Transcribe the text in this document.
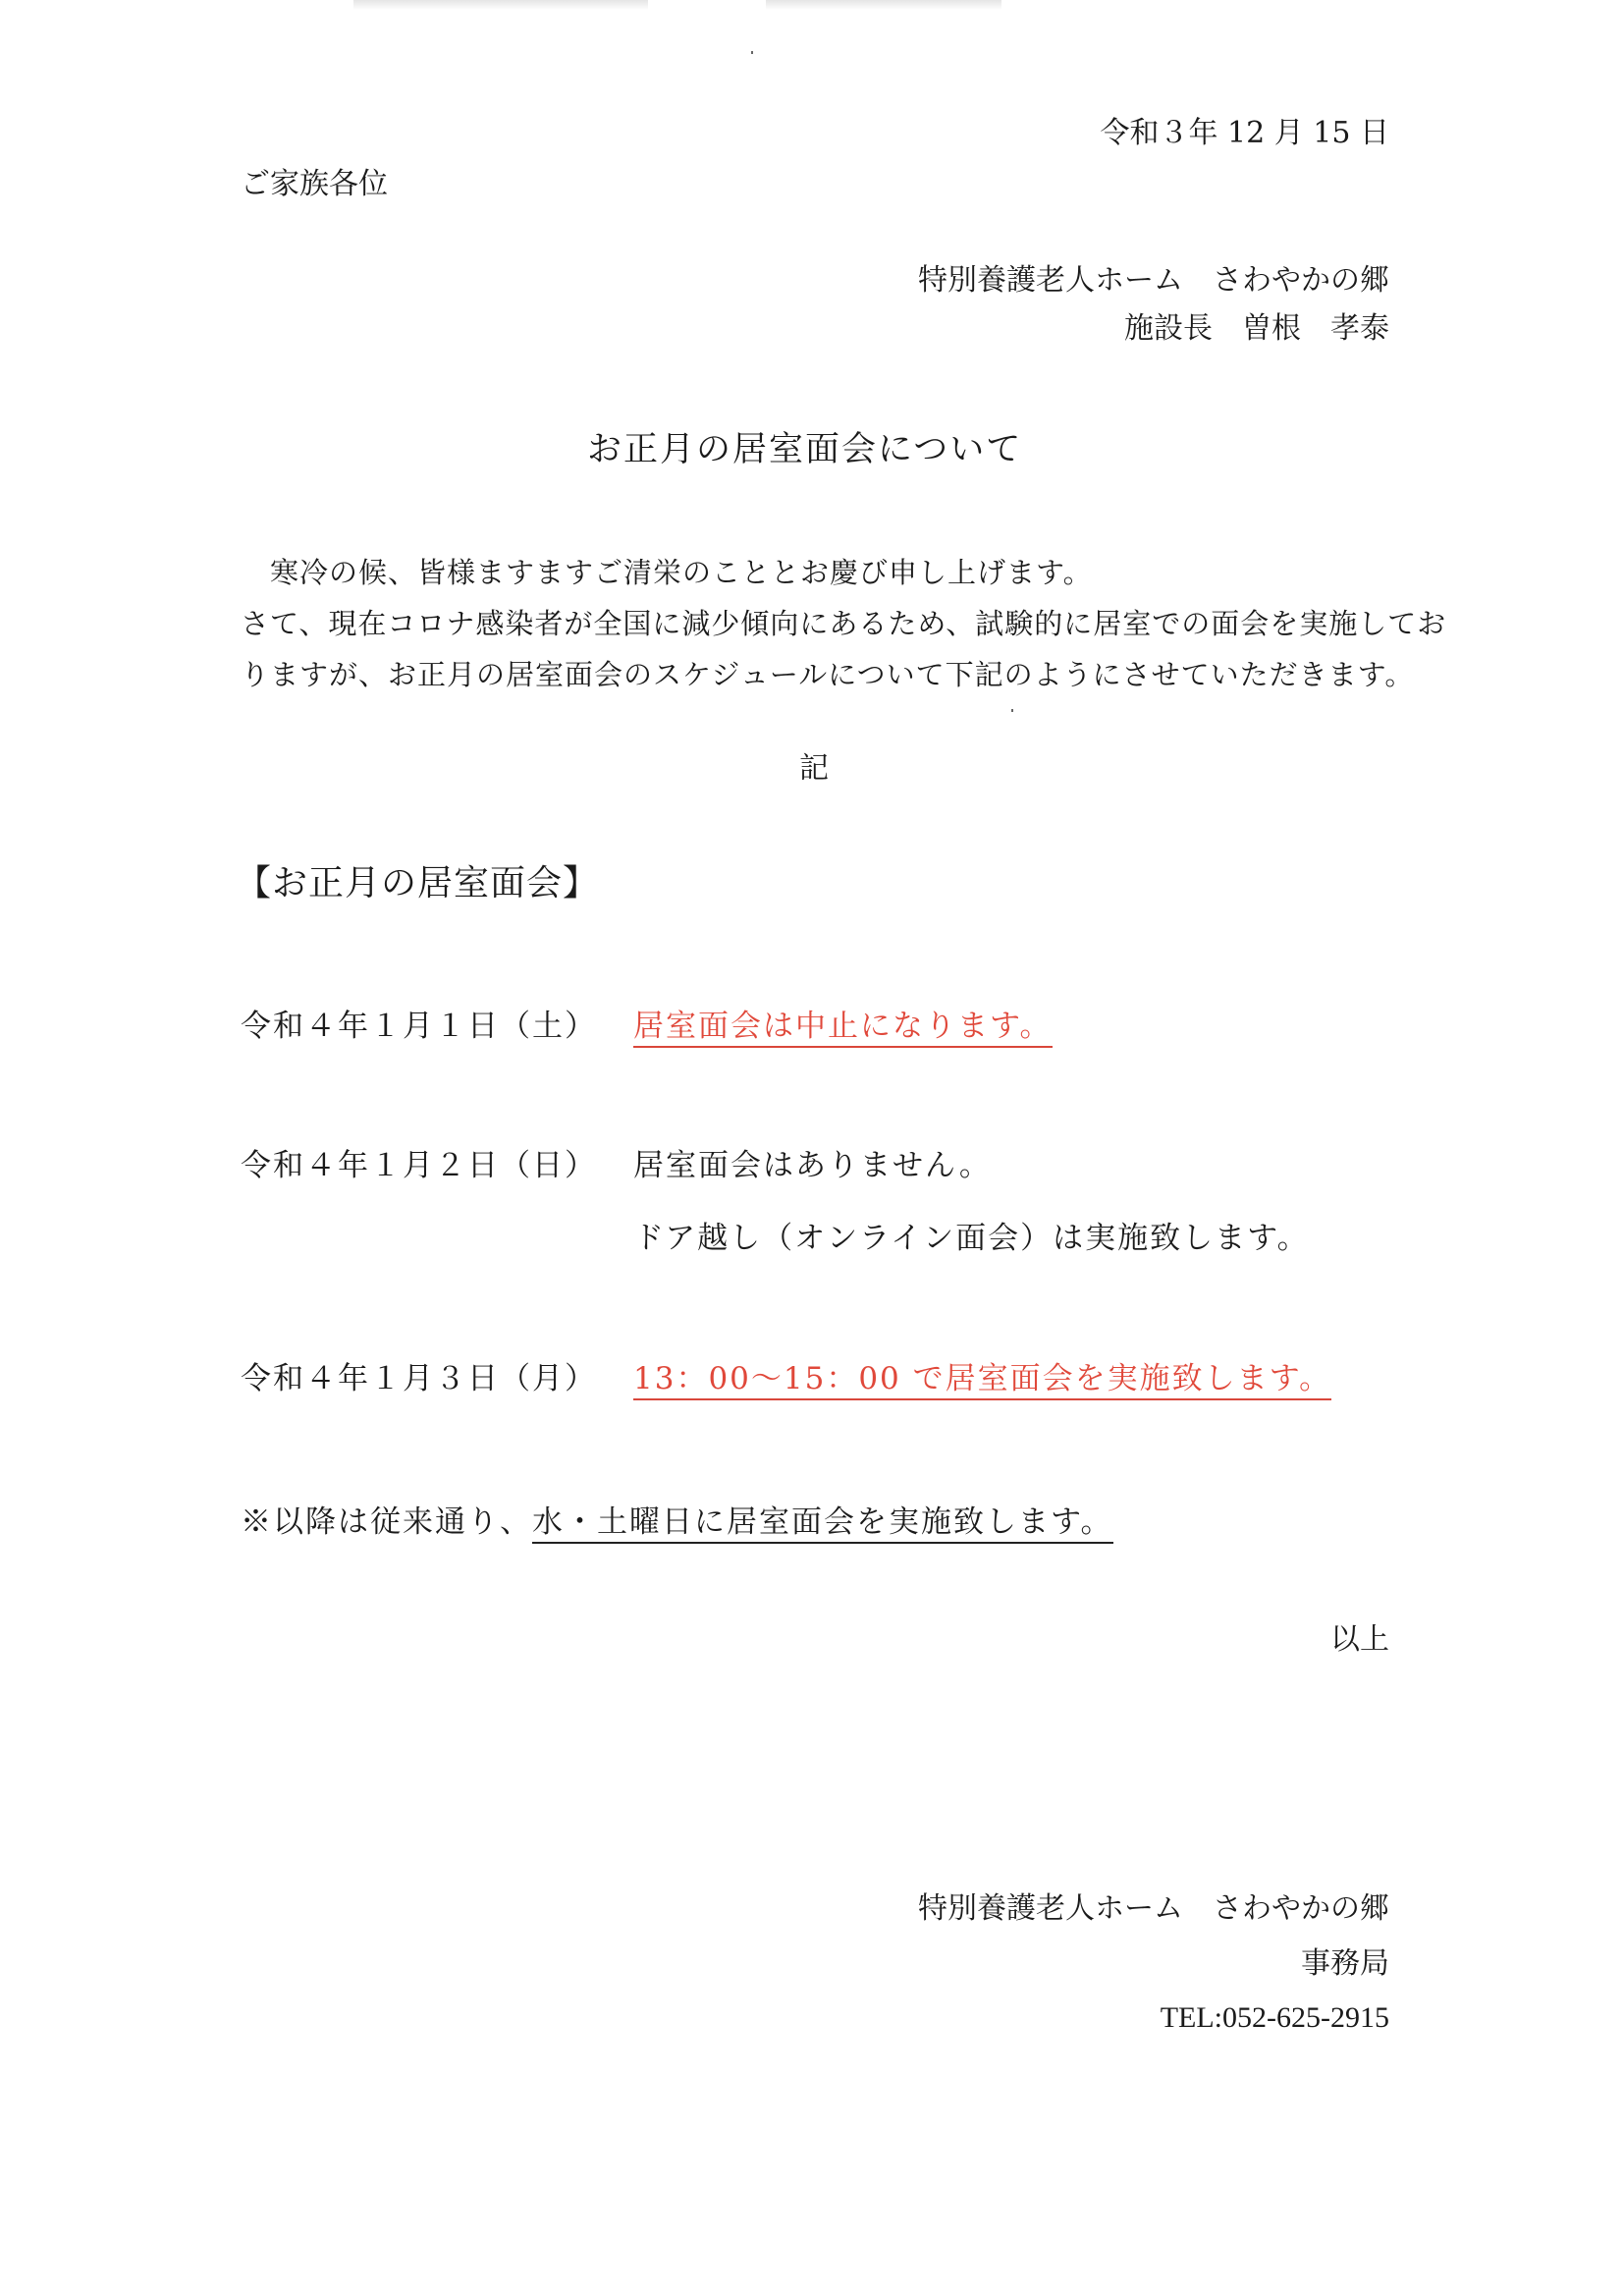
令和３年 12 月 15 日
ご家族各位
特別養護老人ホーム　さわやかの郷
施設長　曽根　孝泰
お正月の居室面会について
寒冷の候、皆様ますますご清栄のこととお慶び申し上げます。
さて、現在コロナ感染者が全国に減少傾向にあるため、試験的に居室での面会を実施してお
りますが、お正月の居室面会のスケジュールについて下記のようにさせていただきます。
記
【お正月の居室面会】
令和４年１月１日（土） 居室面会は中止になります。
令和４年１月２日（日） 居室面会はありません。
ドア越し（オンライン面会）は実施致します。
令和４年１月３日（月） 13：00～15：00 で居室面会を実施致します。
※以降は従来通り、水・土曜日に居室面会を実施致します。
以上
特別養護老人ホーム　さわやかの郷
事務局
TEL:052-625-2915
